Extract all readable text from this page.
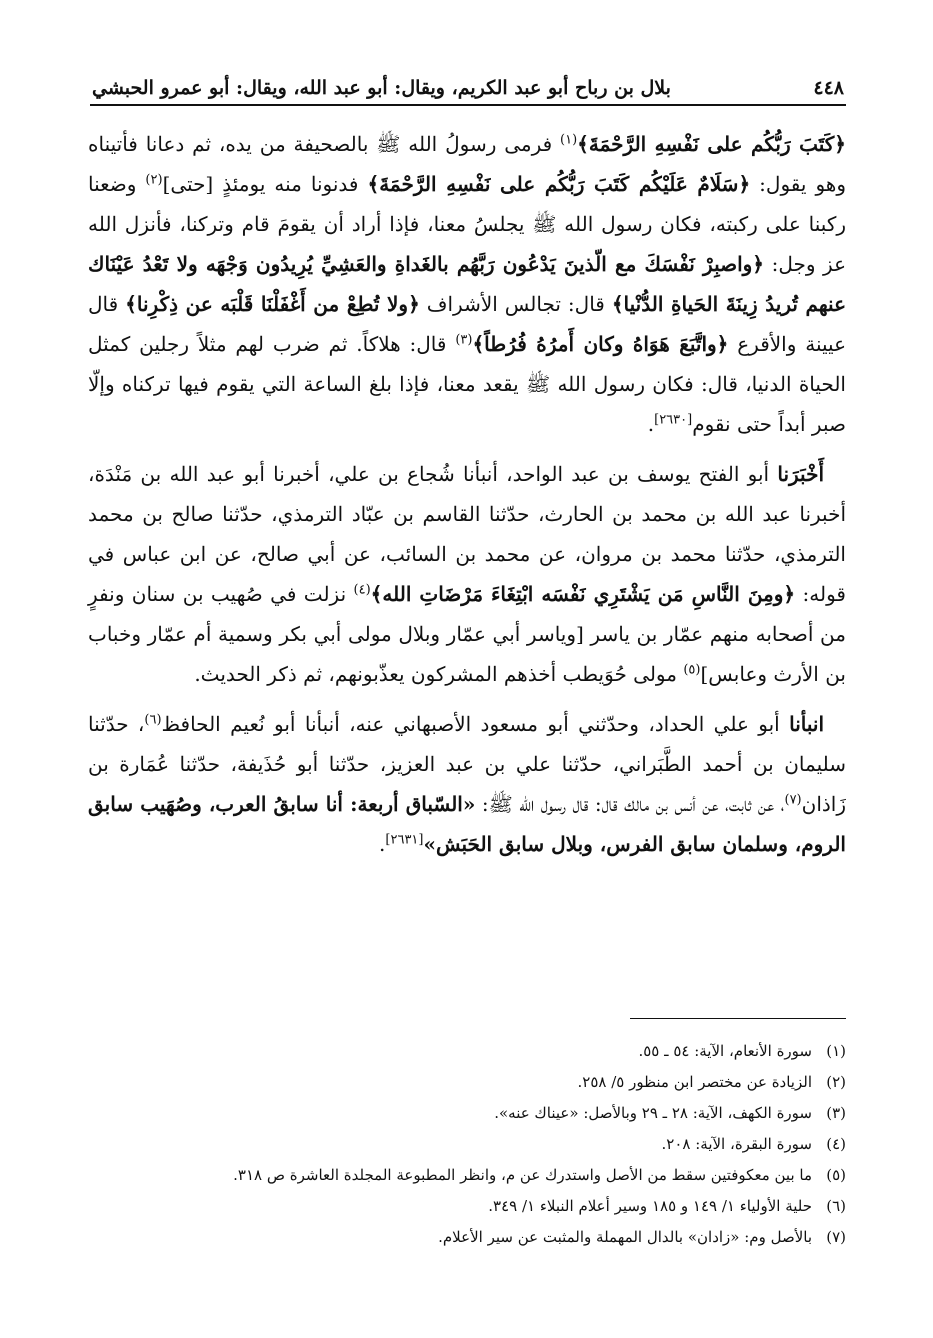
٤٤٨
بلال بن رباح أبو عبد الكريم، ويقال: أبو عبد الله، ويقال: أبو عمرو الحبشي

﴿كَتَبَ رَبُّكُم على نَفْسِهِ الرَّحْمَةَ﴾$^{(١)}$ فرمى رسولُ الله ﷺ بالصحيفة من يده، ثم دعانا فأتيناه وهو يقول: ﴿سَلَامٌ عَلَيْكُم كَتَبَ رَبُّكُم على نَفْسِهِ الرَّحْمَةَ﴾ فدنونا منه يومئذٍ [حتى]$^{(٢)}$ وضعنا ركبنا على ركبته، فكان رسول الله ﷺ يجلسُ معنا، فإذا أراد أن يقومَ قام وتركنا، فأنزل الله عز وجل: ﴿واصبِرْ نَفْسَكَ مع الّذينَ يَدْعُون رَبَّهُم بالغَداةِ والعَشِيِّ يُرِيدُون وَجْهَه ولا تَعْدُ عَيْنَاك عنهم تُريدُ زِينَةَ الحَياةِ الدُّنْيا﴾ قال: تجالس الأشراف ﴿ولا تُطِعْ من أَغْفَلْنَا قَلْبَه عن ذِكْرِنا﴾ قال عيينة والأقرع ﴿واتَّبَعَ هَوَاهُ وكان أَمرُهُ فُرُطاً﴾$^{(٣)}$ قال: هلاكاً. ثم ضرب لهم مثلاً رجلين كمثل الحياة الدنيا، قال: فكان رسول الله ﷺ يقعد معنا، فإذا بلغ الساعة التي يقوم فيها تركناه وإلّا صبر أبداً حتى نقوم[٢٦٣٠].

أَخْبَرَنا أبو الفتح يوسف بن عبد الواحد، أنبأنا شُجاع بن علي، أخبرنا أبو عبد الله بن مَنْدَة، أخبرنا عبد الله بن محمد بن الحارث، حدّثنا القاسم بن عبّاد الترمذي، حدّثنا صالح بن محمد الترمذي، حدّثنا محمد بن مروان، عن محمد بن السائب، عن أبي صالح، عن ابن عباس في قوله: ﴿ومِنَ النَّاسِ مَن يَشْتَرِي نَفْسَه ابْتِغَاءَ مَرْضَاتِ الله﴾$^{(٤)}$ نزلت في صُهيب بن سنان ونفرٍ من أصحابه منهم عمّار بن ياسر [وياسر أبي عمّار وبلال مولى أبي بكر وسمية أم عمّار وخباب بن الأرث وعابس]$^{(٥)}$ مولى حُوَيطب أخذهم المشركون يعذّبونهم، ثم ذكر الحديث.

انبأنا أبو علي الحداد، وحدّثني أبو مسعود الأصبهاني عنه، أنبأنا أبو نُعيم الحافظ$^{(٦)}$، حدّثنا سليمان بن أحمد الطَّبَراني، حدّثنا علي بن عبد العزيز، حدّثنا أبو حُذَيفة، حدّثنا عُمَارة بن زَاذان$^{(٧)}$، عن ثابت، عن أنس بن مالك قال: قال رسول الله ﷺ: «السّباق أربعة: أنا سابقُ العرب، وصُهَيب سابق الروم، وسلمان سابق الفرس، وبلال سابق الحَبَش»[٢٦٣١].

(١)
سورة الأنعام، الآية: ٥٤ ـ ٥٥.
(٢)
الزيادة عن مختصر ابن منظور ٥/ ٢٥٨.
(٣)
سورة الكهف، الآية: ٢٨ ـ ٢٩ وبالأصل: «عيناك عنه».
(٤)
سورة البقرة، الآية: ٢٠٨.
(٥)
ما بين معكوفتين سقط من الأصل واستدرك عن م، وانظر المطبوعة المجلدة العاشرة ص ٣١٨.
(٦)
حلية الأولياء ١/ ١٤٩ و ١٨٥ وسير أعلام النبلاء ١/ ٣٤٩.
(٧)
بالأصل وم: «زادان» بالدال المهملة والمثبت عن سير الأعلام.
